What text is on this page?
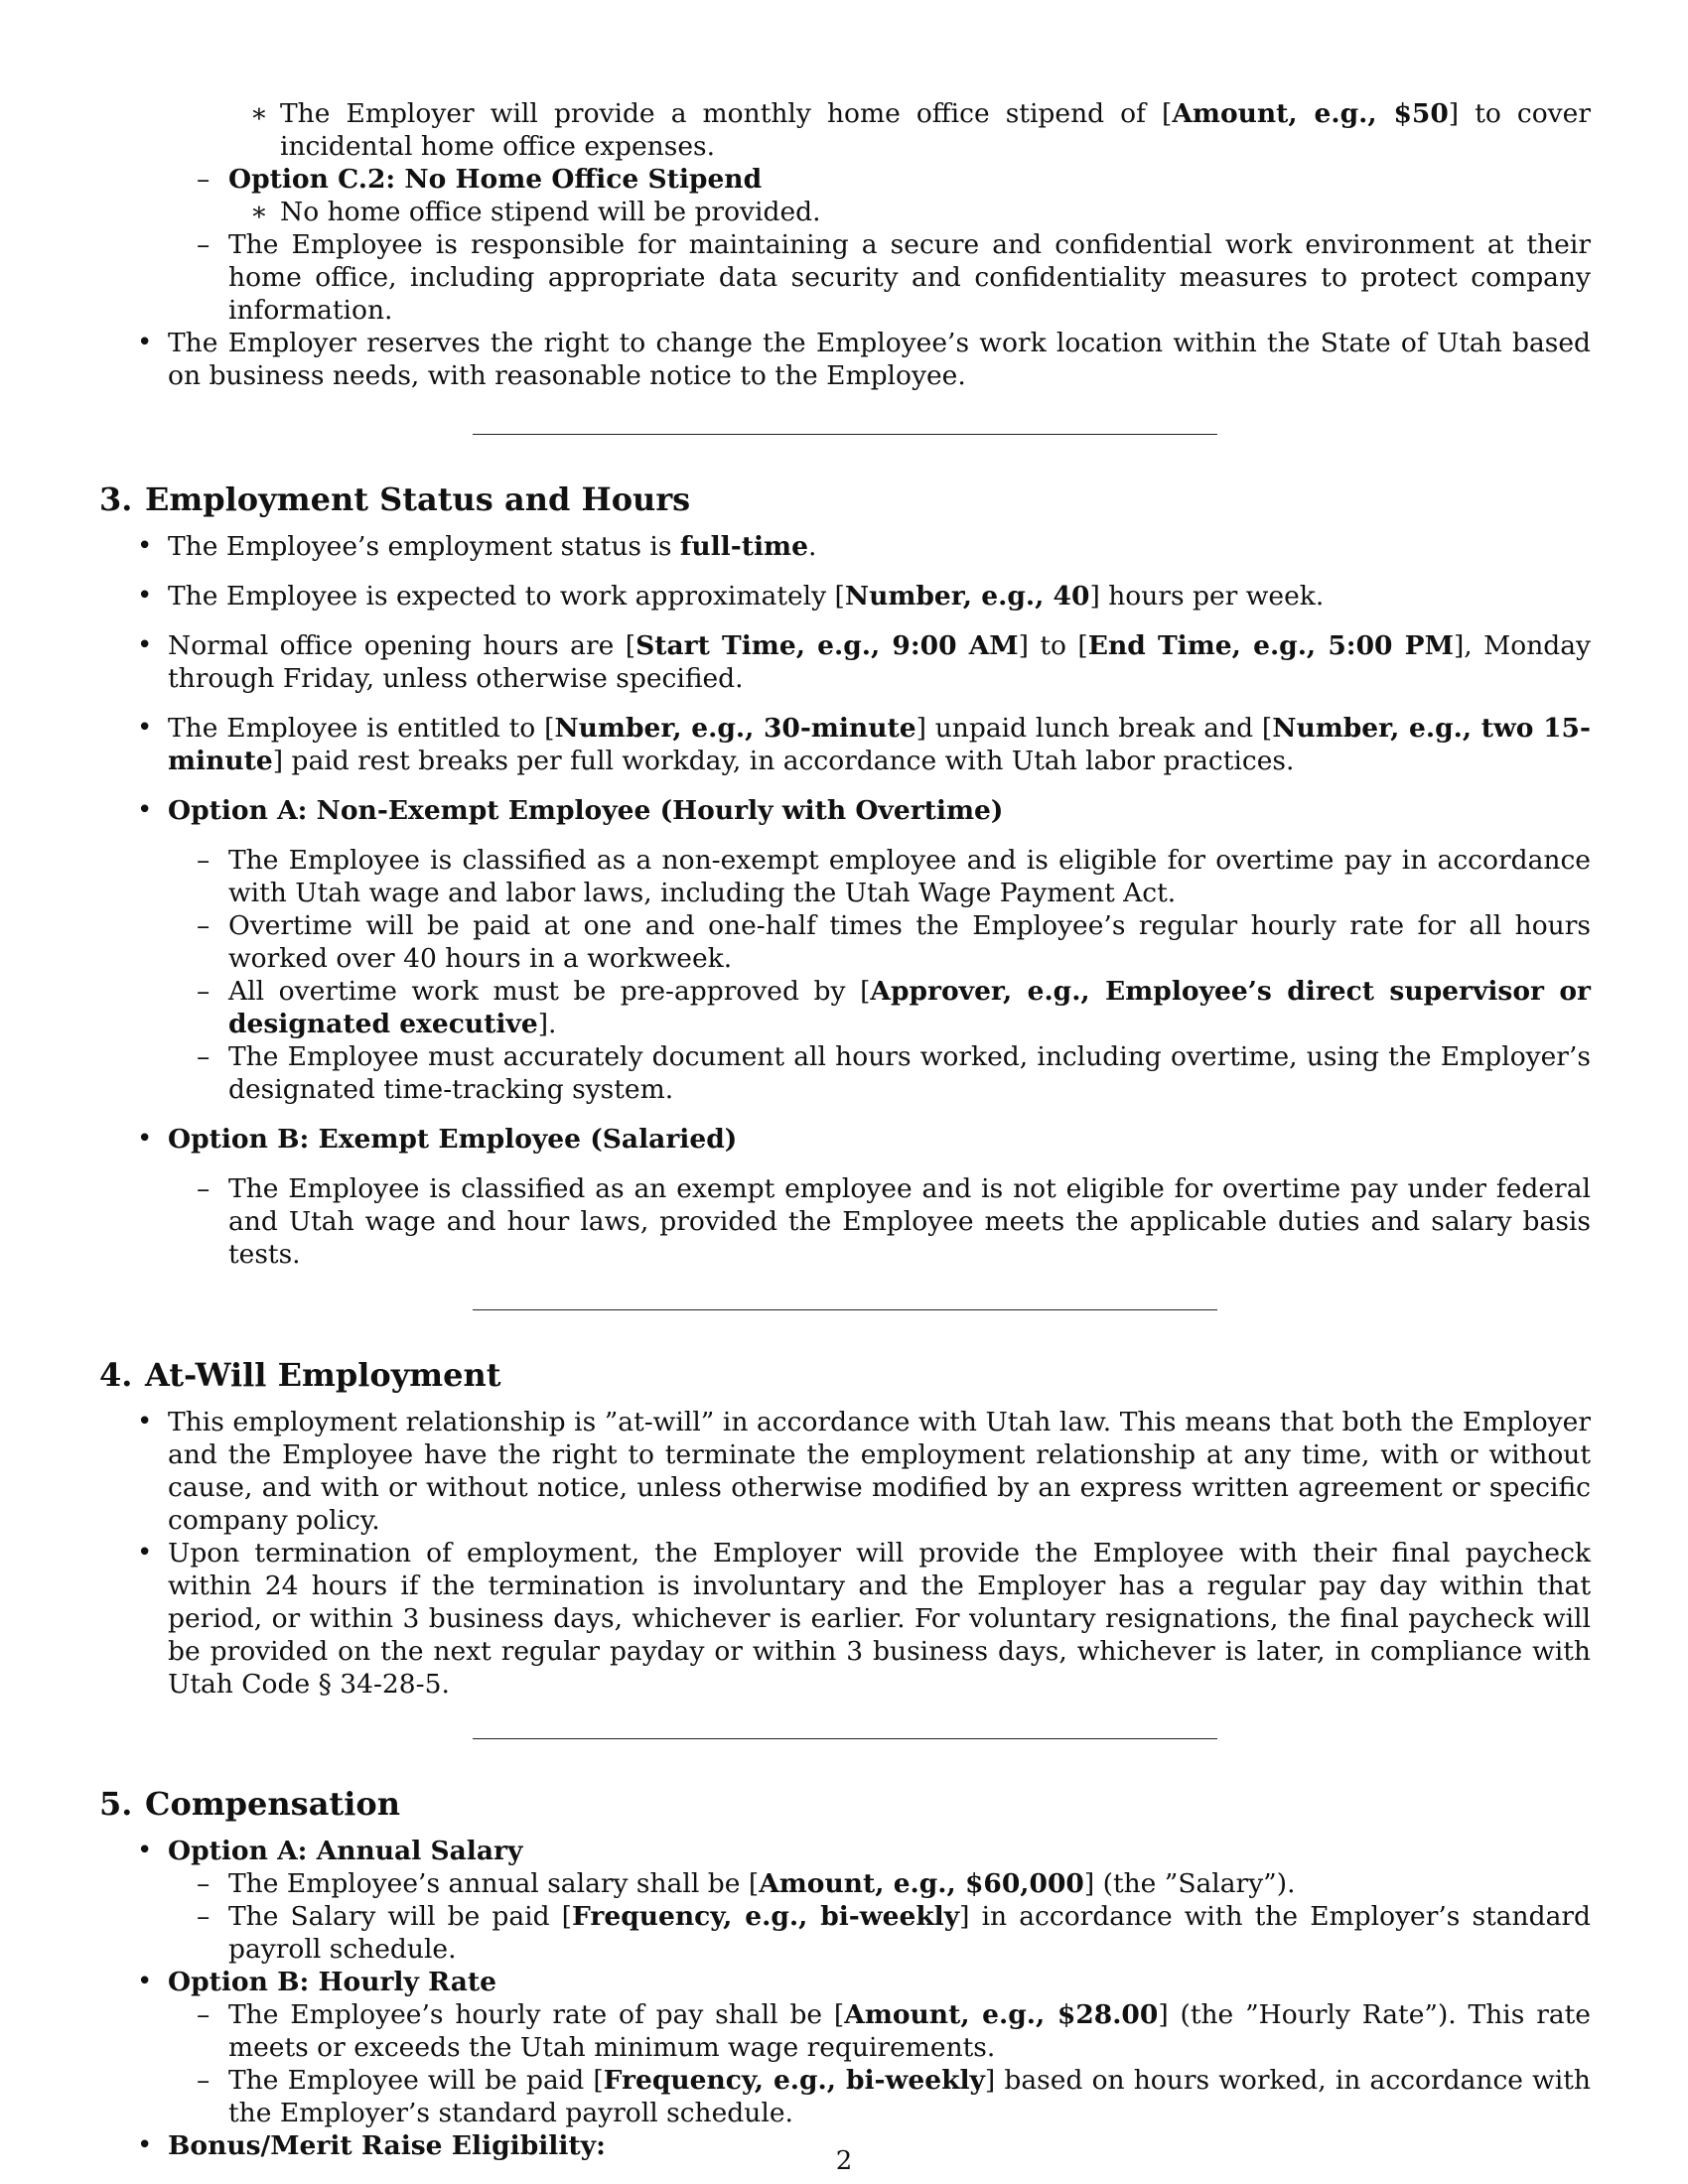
∗ The Employer will provide a monthly home office stipend of [Amount, e.g., $50] to cover incidental home office expenses.
– Option C.2: No Home Office Stipend
∗ No home office stipend will be provided.
– The Employee is responsible for maintaining a secure and confidential work environment at their home office, including appropriate data security and confidentiality measures to protect company information.
• The Employer reserves the right to change the Employee’s work location within the State of Utah based on business needs, with reasonable notice to the Employee.
3. Employment Status and Hours
• The Employee’s employment status is full-time.
• The Employee is expected to work approximately [Number, e.g., 40] hours per week.
• Normal office opening hours are [Start Time, e.g., 9:00 AM] to [End Time, e.g., 5:00 PM], Monday through Friday, unless otherwise specified.
• The Employee is entitled to [Number, e.g., 30-minute] unpaid lunch break and [Number, e.g., two 15-minute] paid rest breaks per full workday, in accordance with Utah labor practices.
• Option A: Non-Exempt Employee (Hourly with Overtime)
– The Employee is classified as a non-exempt employee and is eligible for overtime pay in accordance with Utah wage and labor laws, including the Utah Wage Payment Act.
– Overtime will be paid at one and one-half times the Employee’s regular hourly rate for all hours worked over 40 hours in a workweek.
– All overtime work must be pre-approved by [Approver, e.g., Employee’s direct supervisor or designated executive].
– The Employee must accurately document all hours worked, including overtime, using the Employer’s designated time-tracking system.
• Option B: Exempt Employee (Salaried)
– The Employee is classified as an exempt employee and is not eligible for overtime pay under federal and Utah wage and hour laws, provided the Employee meets the applicable duties and salary basis tests.
4. At-Will Employment
• This employment relationship is ”at-will” in accordance with Utah law. This means that both the Employer and the Employee have the right to terminate the employment relationship at any time, with or without cause, and with or without notice, unless otherwise modified by an express written agreement or specific company policy.
• Upon termination of employment, the Employer will provide the Employee with their final paycheck within 24 hours if the termination is involuntary and the Employer has a regular pay day within that period, or within 3 business days, whichever is earlier. For voluntary resignations, the final paycheck will be provided on the next regular payday or within 3 business days, whichever is later, in compliance with Utah Code § 34-28-5.
5. Compensation
• Option A: Annual Salary
– The Employee’s annual salary shall be [Amount, e.g., $60,000] (the ”Salary”).
– The Salary will be paid [Frequency, e.g., bi-weekly] in accordance with the Employer’s standard payroll schedule.
• Option B: Hourly Rate
– The Employee’s hourly rate of pay shall be [Amount, e.g., $28.00] (the ”Hourly Rate”). This rate meets or exceeds the Utah minimum wage requirements.
– The Employee will be paid [Frequency, e.g., bi-weekly] based on hours worked, in accordance with the Employer’s standard payroll schedule.
• Bonus/Merit Raise Eligibility:	2
